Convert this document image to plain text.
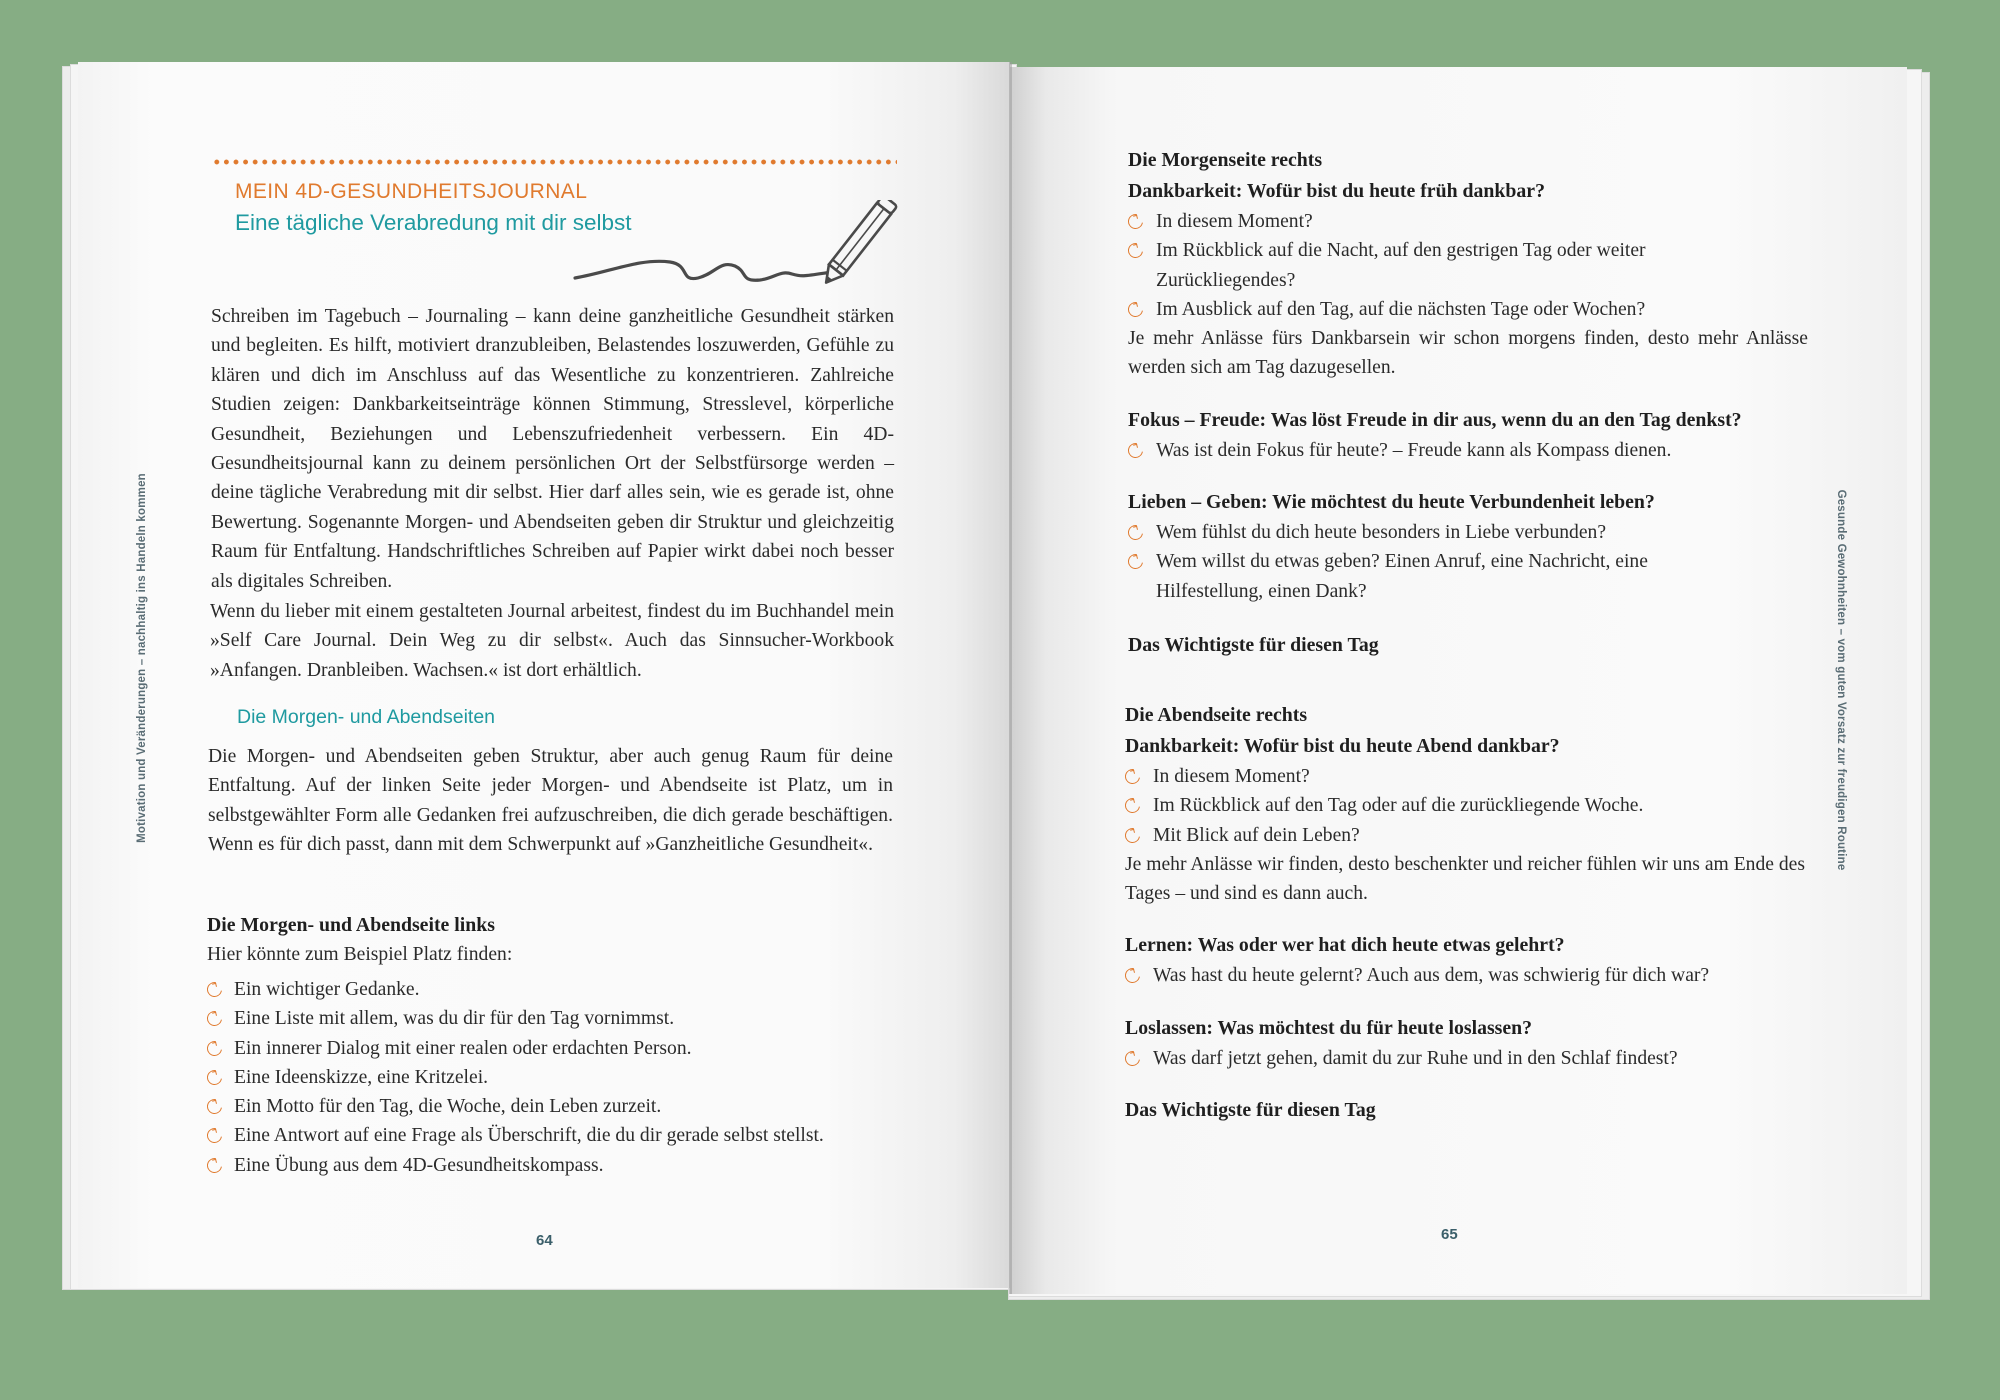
MEIN 4D-GESUNDHEITSJOURNAL
Eine tägliche Verabredung mit dir selbst

Schreiben im Tagebuch – Journaling – kann deine ganzheitliche Gesundheit stärken und begleiten. Es hilft, motiviert dranzubleiben, Belastendes loszuwerden, Gefühle zu klären und dich im Anschluss auf das Wesentliche zu konzentrieren. Zahlreiche Studien zeigen: Dankbarkeitseinträge können Stimmung, Stresslevel, körperliche Gesundheit, Beziehungen und Lebenszufriedenheit verbessern. Ein 4D-Gesundheitsjournal kann zu deinem persönlichen Ort der Selbstfürsorge werden – deine tägliche Verabredung mit dir selbst. Hier darf alles sein, wie es gerade ist, ohne Bewertung. Sogenannte Morgen- und Abendseiten geben dir Struktur und gleichzeitig Raum für Entfaltung. Handschriftliches Schreiben auf Papier wirkt dabei noch besser als digitales Schreiben.

Wenn du lieber mit einem gestalteten Journal arbeitest, findest du im Buchhandel mein »Self Care Journal. Dein Weg zu dir selbst«. Auch das Sinnsucher-Workbook »Anfangen. Dranbleiben. Wachsen.« ist dort erhältlich.

Die Morgen- und Abendseiten

Die Morgen- und Abendseiten geben Struktur, aber auch genug Raum für deine Entfaltung. Auf der linken Seite jeder Morgen- und Abendseite ist Platz, um in selbstgewählter Form alle Gedanken frei aufzuschreiben, die dich gerade beschäftigen. Wenn es für dich passt, dann mit dem Schwerpunkt auf »Ganzheitliche Gesundheit«.

Die Morgen- und Abendseite links

Hier könnte zum Beispiel Platz finden:
Ein wichtiger Gedanke.
Eine Liste mit allem, was du dir für den Tag vornimmst.
Ein innerer Dialog mit einer realen oder erdachten Person.
Eine Ideenskizze, eine Kritzelei.
Ein Motto für den Tag, die Woche, dein Leben zurzeit.
Eine Antwort auf eine Frage als Überschrift, die du dir gerade selbst stellst.
Eine Übung aus dem 4D-Gesundheitskompass.
64
Motivation und Veränderungen – nachhaltig ins Handeln kommen
Die Morgenseite rechts
Dankbarkeit: Wofür bist du heute früh dankbar?
In diesem Moment?
Im Rückblick auf die Nacht, auf den gestrigen Tag oder weiter Zurückliegendes?
Im Ausblick auf den Tag, auf die nächsten Tage oder Wochen?
Je mehr Anlässe fürs Dankbarsein wir schon morgens finden, desto mehr Anlässe werden sich am Tag dazugesellen.
Fokus – Freude: Was löst Freude in dir aus, wenn du an den Tag denkst?
Was ist dein Fokus für heute? – Freude kann als Kompass dienen.
Lieben – Geben: Wie möchtest du heute Verbundenheit leben?
Wem fühlst du dich heute besonders in Liebe verbunden?
Wem willst du etwas geben? Einen Anruf, eine Nachricht, eine Hilfestellung, einen Dank?
Das Wichtigste für diesen Tag
Die Abendseite rechts
Dankbarkeit: Wofür bist du heute Abend dankbar?
In diesem Moment?
Im Rückblick auf den Tag oder auf die zurückliegende Woche.
Mit Blick auf dein Leben?
Je mehr Anlässe wir finden, desto beschenkter und reicher fühlen wir uns am Ende des Tages – und sind es dann auch.
Lernen: Was oder wer hat dich heute etwas gelehrt?
Was hast du heute gelernt? Auch aus dem, was schwierig für dich war?
Loslassen: Was möchtest du für heute loslassen?
Was darf jetzt gehen, damit du zur Ruhe und in den Schlaf findest?
Das Wichtigste für diesen Tag
65
Gesunde Gewohnheiten – vom guten Vorsatz zur freudigen Routine
